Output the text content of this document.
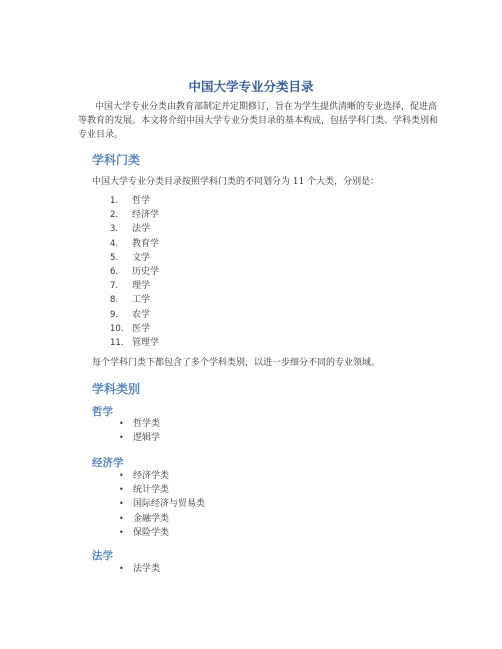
中国大学专业分类目录

中国大学专业分类由教育部制定并定期修订，旨在为学生提供清晰的专业选择，促进高等教育的发展。本文将介绍中国大学专业分类目录的基本构成，包括学科门类、学科类别和专业目录。

学科门类

中国大学专业分类目录按照学科门类的不同划分为 11 个大类，分别是：

1. 哲学
2. 经济学
3. 法学
4. 教育学
5. 文学
6. 历史学
7. 理学
8. 工学
9. 农学
10. 医学
11. 管理学

每个学科门类下都包含了多个学科类别，以进一步细分不同的专业领域。

学科类别
哲学
• 哲学类
• 逻辑学
经济学
• 经济学类
• 统计学类
• 国际经济与贸易类
• 金融学类
• 保险学类
法学
• 法学类
